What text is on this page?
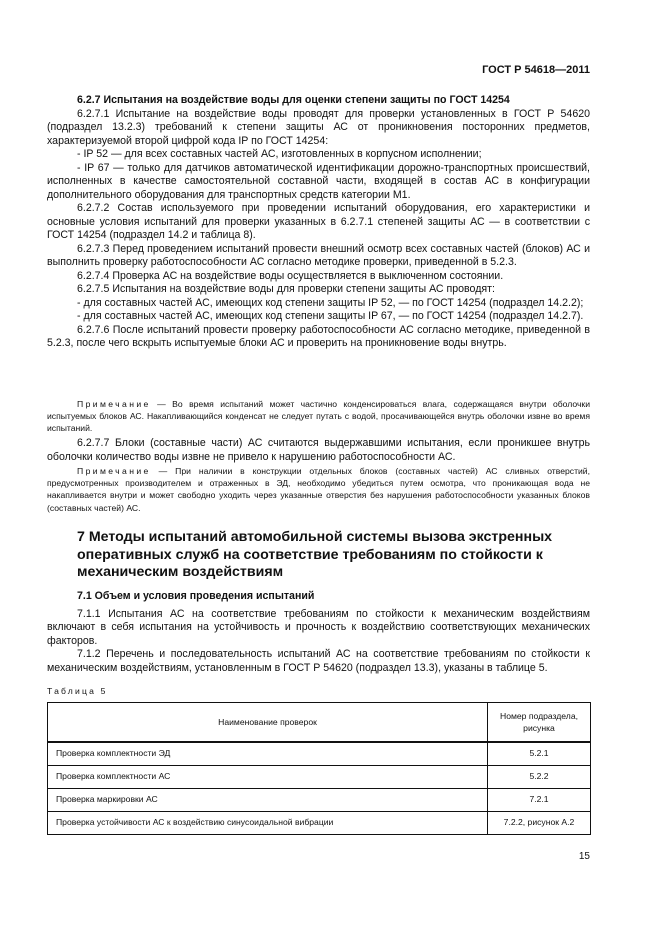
ГОСТ Р 54618—2011

6.2.7 Испытания на воздействие воды для оценки степени защиты по ГОСТ 14254

6.2.7.1 Испытание на воздействие воды проводят для проверки установленных в ГОСТ Р 54620 (подраздел 13.2.3) требований к степени защиты АС от проникновения посторонних предметов, характеризуемой второй цифрой кода IP по ГОСТ 14254:

- IP 52 — для всех составных частей АС, изготовленных в корпусном исполнении;

- IP 67 — только для датчиков автоматической идентификации дорожно-транспортных происшествий, исполненных в качестве самостоятельной составной части, входящей в состав АС в конфигурации дополнительного оборудования для транспортных средств категории М1.

6.2.7.2 Состав используемого при проведении испытаний оборудования, его характеристики и основные условия испытаний для проверки указанных в 6.2.7.1 степеней защиты АС — в соответствии с ГОСТ 14254 (подраздел 14.2 и таблица 8).

6.2.7.3 Перед проведением испытаний провести внешний осмотр всех составных частей (блоков) АС и выполнить проверку работоспособности АС согласно методике проверки, приведенной в 5.2.3.

6.2.7.4 Проверка АС на воздействие воды осуществляется в выключенном состоянии.

6.2.7.5 Испытания на воздействие воды для проверки степени защиты АС проводят:

- для составных частей АС, имеющих код степени защиты IP 52, — по ГОСТ 14254 (подраздел 14.2.2);

- для составных частей АС, имеющих код степени защиты IP 67, — по ГОСТ 14254 (подраздел 14.2.7).

6.2.7.6 После испытаний провести проверку работоспособности АС согласно методике, приведенной в 5.2.3, после чего вскрыть испытуемые блоки АС и проверить на проникновение воды внутрь.

Примечание — Во время испытаний может частично конденсироваться влага, содержащаяся внутри оболочки испытуемых блоков АС. Накапливающийся конденсат не следует путать с водой, просачивающейся внутрь оболочки извне во время испытаний.

6.2.7.7 Блоки (составные части) АС считаются выдержавшими испытания, если проникшее внутрь оболочки количество воды извне не привело к нарушению работоспособности АС.

Примечание — При наличии в конструкции отдельных блоков (составных частей) АС сливных отверстий, предусмотренных производителем и отраженных в ЭД, необходимо убедиться путем осмотра, что проникающая вода не накапливается внутри и может свободно уходить через указанные отверстия без нарушения работоспособности указанных блоков (составных частей) АС.

7 Методы испытаний автомобильной системы вызова экстренных оперативных служб на соответствие требованиям по стойкости к механическим воздействиям

7.1 Объем и условия проведения испытаний

7.1.1 Испытания АС на соответствие требованиям по стойкости к механическим воздействиям включают в себя испытания на устойчивость и прочность к воздействию соответствующих механических факторов.

7.1.2 Перечень и последовательность испытаний АС на соответствие требованиям по стойкости к механическим воздействиям, установленным в ГОСТ Р 54620 (подраздел 13.3), указаны в таблице 5.

Таблица 5
Наименование проверок	Номер подраздела, рисунка
Проверка комплектности ЭД	5.2.1
Проверка комплектности АС	5.2.2
Проверка маркировки АС	7.2.1
Проверка устойчивости АС к воздействию синусоидальной вибрации	7.2.2, рисунок А.2
15
